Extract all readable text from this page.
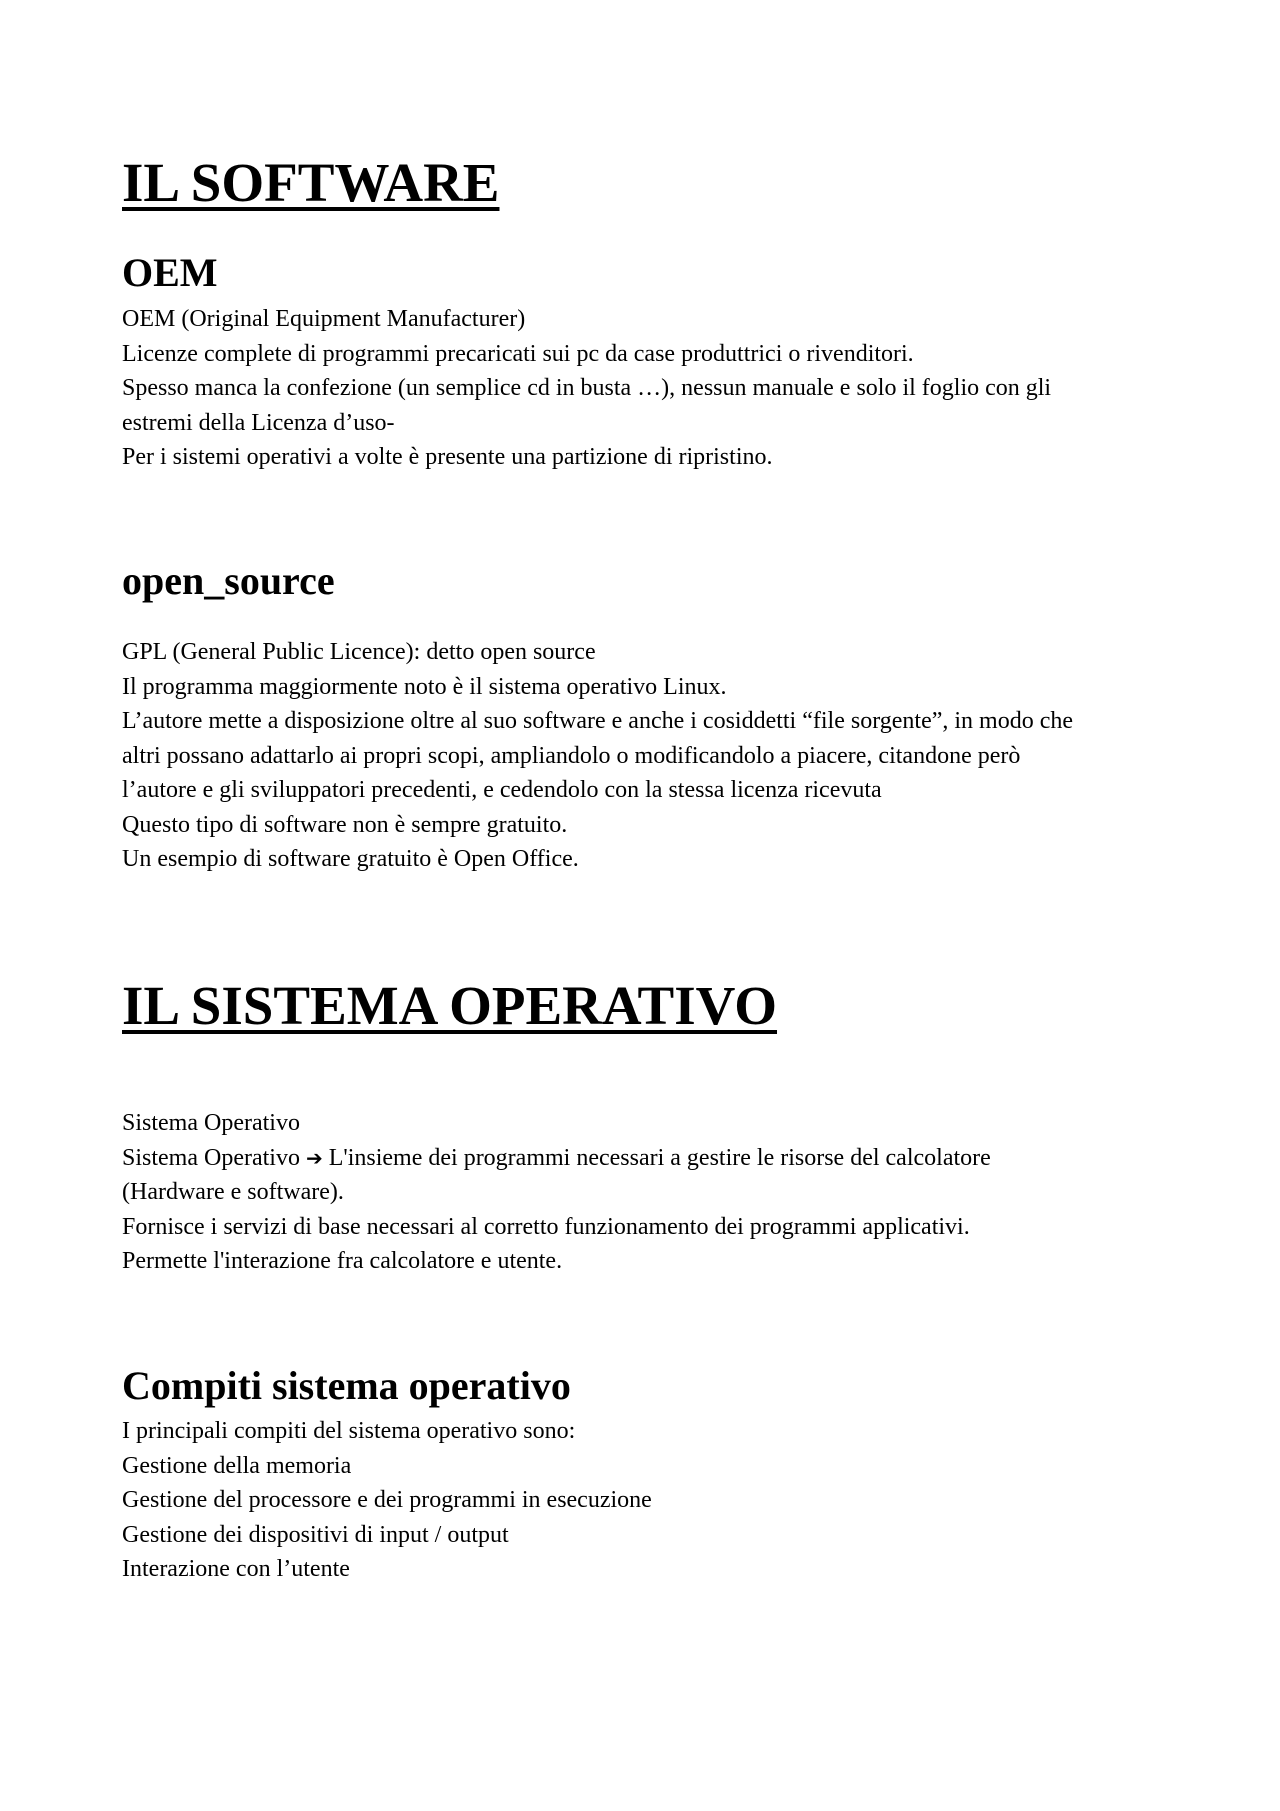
IL SOFTWARE
OEM
OEM (Original Equipment Manufacturer)
Licenze complete di programmi precaricati sui pc da case produttrici o rivenditori.
Spesso manca la confezione (un semplice cd in busta …), nessun manuale e solo il foglio con gli
estremi della Licenza d’uso-
Per i sistemi operativi a volte è presente una partizione di ripristino.
open_source
GPL (General Public Licence): detto open source
Il programma maggiormente noto è il sistema operativo Linux.
L’autore mette a disposizione oltre al suo software e anche i cosiddetti “file sorgente”, in modo che
altri possano adattarlo ai propri scopi, ampliandolo o modificandolo a piacere, citandone però
l’autore e gli sviluppatori precedenti, e cedendolo con la stessa licenza ricevuta
Questo tipo di software non è sempre gratuito.
Un esempio di software gratuito è Open Office.
IL SISTEMA OPERATIVO
Sistema Operativo
Sistema Operativo ➔ L'insieme dei programmi necessari a gestire le risorse del calcolatore
(Hardware e software).
Fornisce i servizi di base necessari al corretto funzionamento dei programmi applicativi.
Permette l'interazione fra calcolatore e utente.
Compiti sistema operativo
I principali compiti del sistema operativo sono:
Gestione della memoria
Gestione del processore e dei programmi in esecuzione
Gestione dei dispositivi di input / output
Interazione con l’utente
